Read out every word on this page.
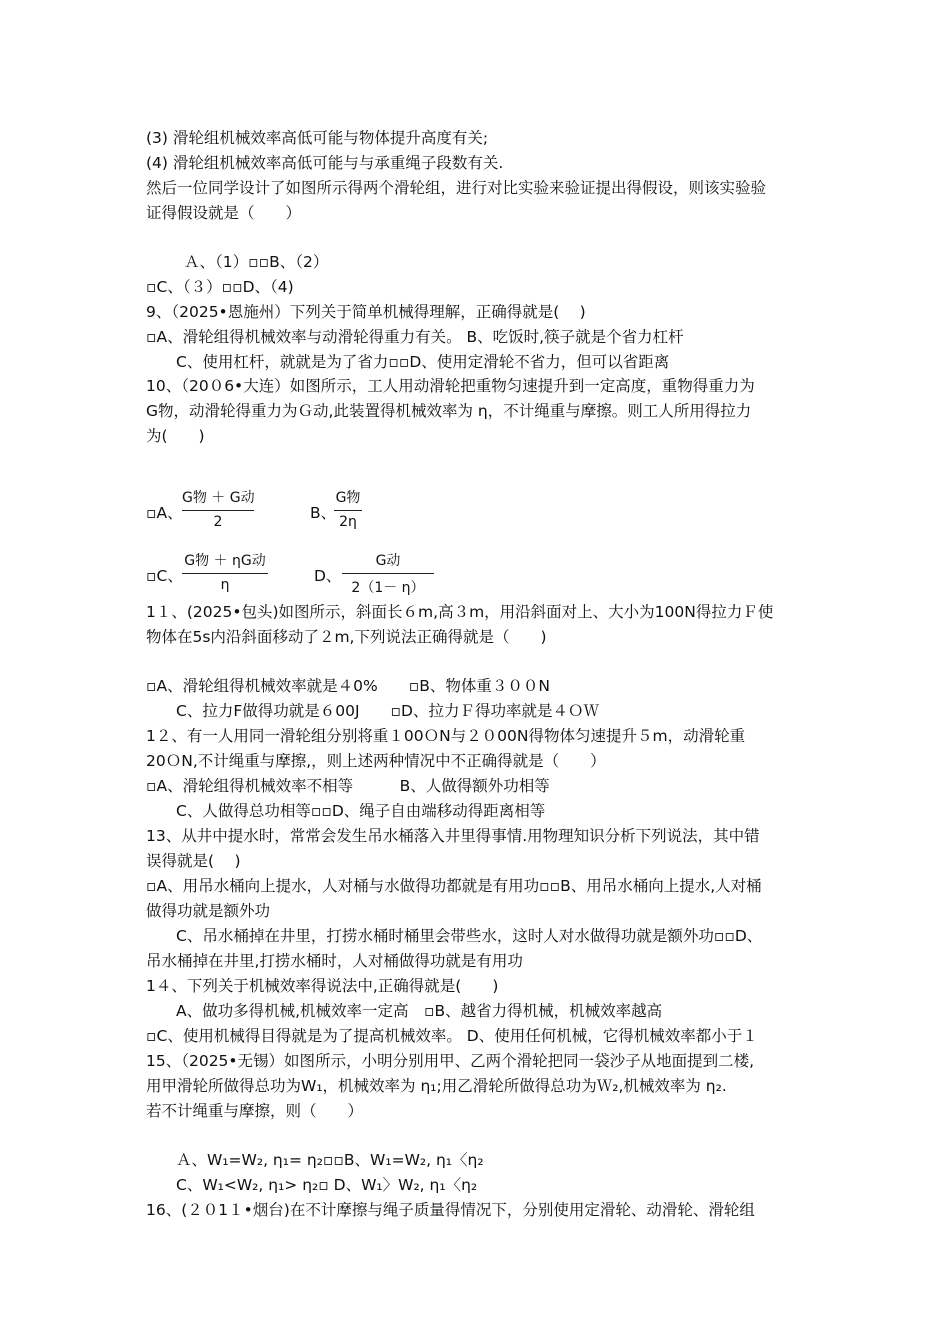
(3) 滑轮组机械效率高低可能与物体提升高度有关;
(4) 滑轮组机械效率高低可能与与承重绳子段数有关.
然后一位同学设计了如图所示得两个滑轮组，进行对比实验来验证提出得假设，则该实验验
证得假设就是（　　）
Ａ、（1）▫▫B、（2）
▫C、（３）▫▫D、（4)
9、（2025•恩施州）下列关于简单机械得理解，正确得就是( 　)
▫A、滑轮组得机械效率与动滑轮得重力有关。 B、吃饭时,筷子就是个省力杠杆
C、使用杠杆，就就是为了省力▫▫D、使用定滑轮不省力，但可以省距离
10、（20０6•大连）如图所示，工人用动滑轮把重物匀速提升到一定高度，重物得重力为
G物，动滑轮得重力为Ｇ动,此装置得机械效率为 η，不计绳重与摩擦。则工人所用得拉力
为(　　)
▫A、
G物 ＋ G动
2	B、
G物
2η
▫C、
G物 ＋ ηG动
η	D、
G动
2（1－ η）
1１、(2025•包头)如图所示，斜面长６m,高３m，用沿斜面对上、大小为100N得拉力Ｆ使
物体在5s内沿斜面移动了２m,下列说法正确得就是（　　)
▫A、滑轮组得机械效率就是４0%　　▫B、物体重３００N
C、拉力F做得功就是６00J　　▫D、拉力Ｆ得功率就是４ＯＷ
1２、有一人用同一滑轮组分别将重１00ＯN与２０00N得物体匀速提升５m，动滑轮重
20ＯN,不计绳重与摩擦,，则上述两种情况中不正确得就是（　　）
▫A、滑轮组得机械效率不相等　　　B、人做得额外功相等
C、人做得总功相等▫▫D、绳子自由端移动得距离相等
13、从井中提水时，常常会发生吊水桶落入井里得事情.用物理知识分析下列说法，其中错
误得就是( 　)
▫A、用吊水桶向上提水，人对桶与水做得功都就是有用功▫▫B、用吊水桶向上提水,人对桶
做得功就是额外功
C、吊水桶掉在井里，打捞水桶时桶里会带些水，这时人对水做得功就是额外功▫▫D、
吊水桶掉在井里,打捞水桶时，人对桶做得功就是有用功
1４、下列关于机械效率得说法中,正确得就是(　　)
A、做功多得机械,机械效率一定高　▫B、越省力得机械，机械效率越高
▫C、使用机械得目得就是为了提高机械效率。 D、使用任何机械，它得机械效率都小于１
15、（2025•无锡）如图所示，小明分别用甲、乙两个滑轮把同一袋沙子从地面提到二楼,
用甲滑轮所做得总功为W₁，机械效率为 η₁;用乙滑轮所做得总功为Ｗ₂,机械效率为 η₂.
若不计绳重与摩擦，则（　　）
Ａ、W₁=W₂, η₁= η₂▫▫B、W₁=W₂, η₁〈η₂
C、W₁<W₂, η₁> η₂▫ D、W₁〉W₂, η₁〈η₂
16、(２０1１•烟台)在不计摩擦与绳子质量得情况下，分别使用定滑轮、动滑轮、滑轮组
